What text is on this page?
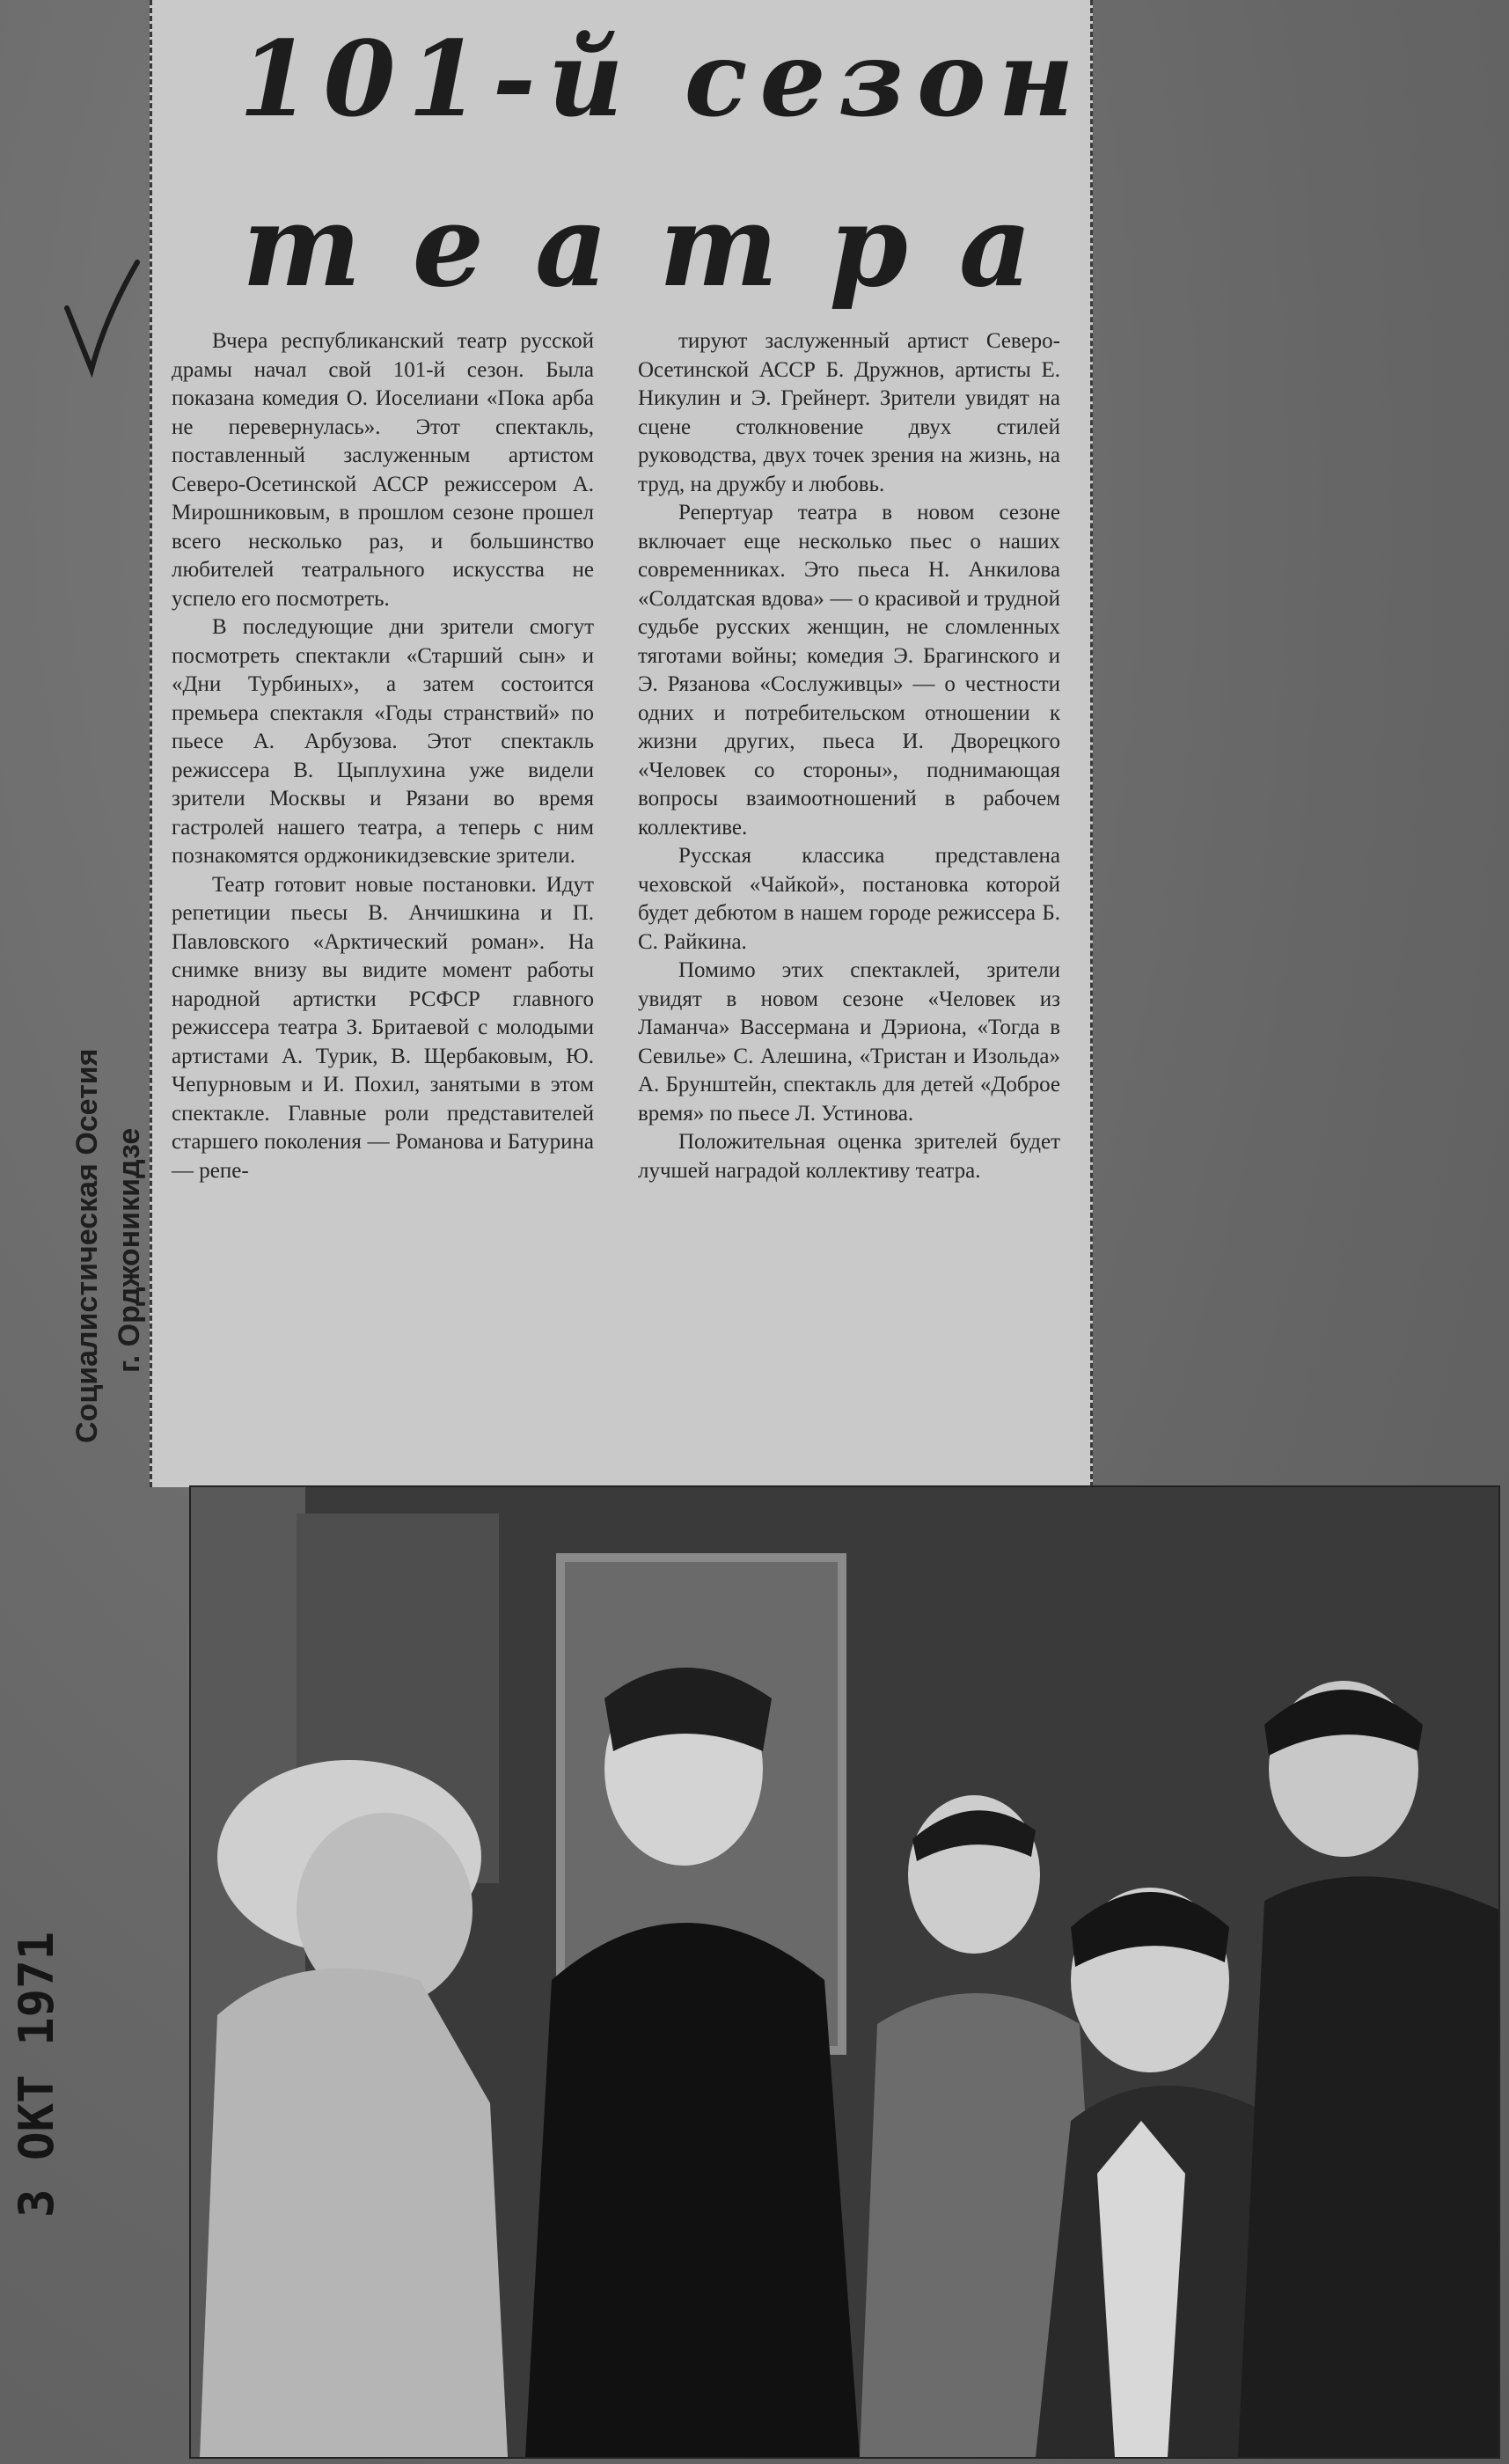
Социалистическая Осетия г. Орджоникидзе
3 ОКТ 1971
101-й сезон
театра

Вчера республиканский театр русской драмы начал свой 101-й сезон. Была показана комедия О. Иоселиани «Пока арба не перевернулась». Этот спектакль, поставленный заслуженным артистом Северо-Осетинской АССР режиссером А. Мирошниковым, в прошлом сезоне прошел всего несколько раз, и большинство любителей театрального искусства не успело его посмотреть.

В последующие дни зрители смогут посмотреть спектакли «Старший сын» и «Дни Турбиных», а затем состоится премьера спектакля «Годы странствий» по пьесе А. Арбузова. Этот спектакль режиссера В. Цыплухина уже видели зрители Москвы и Рязани во время гастролей нашего театра, а теперь с ним познакомятся орджоникидзевские зрители.

Театр готовит новые постановки. Идут репетиции пьесы В. Анчишкина и П. Павловского «Арктический роман». На снимке внизу вы видите момент работы народной артистки РСФСР главного режиссера театра З. Бритаевой с молодыми артистами А. Турик, В. Щербаковым, Ю. Чепурновым и И. Похил, занятыми в этом спектакле. Главные роли представителей старшего поколения — Романова и Батурина — репе-

тируют заслуженный артист Северо-Осетинской АССР Б. Дружнов, артисты Е. Никулин и Э. Грейнерт. Зрители увидят на сцене столкновение двух стилей руководства, двух точек зрения на жизнь, на труд, на дружбу и любовь.

Репертуар театра в новом сезоне включает еще несколько пьес о наших современниках. Это пьеса Н. Анкилова «Солдатская вдова» — о красивой и трудной судьбе русских женщин, не сломленных тяготами войны; комедия Э. Брагинского и Э. Рязанова «Сослуживцы» — о честности одних и потребительском отношении к жизни других, пьеса И. Дворецкого «Человек со стороны», поднимающая вопросы взаимоотношений в рабочем коллективе.

Русская классика представлена чеховской «Чайкой», постановка которой будет дебютом в нашем городе режиссера Б. С. Райкина.

Помимо этих спектаклей, зрители увидят в новом сезоне «Человек из Ламанча» Вассермана и Дэриона, «Тогда в Севилье» С. Алешина, «Тристан и Изольда» А. Брунштейн, спектакль для детей «Доброе время» по пьесе Л. Устинова.

Положительная оценка зрителей будет лучшей наградой коллективу театра.
